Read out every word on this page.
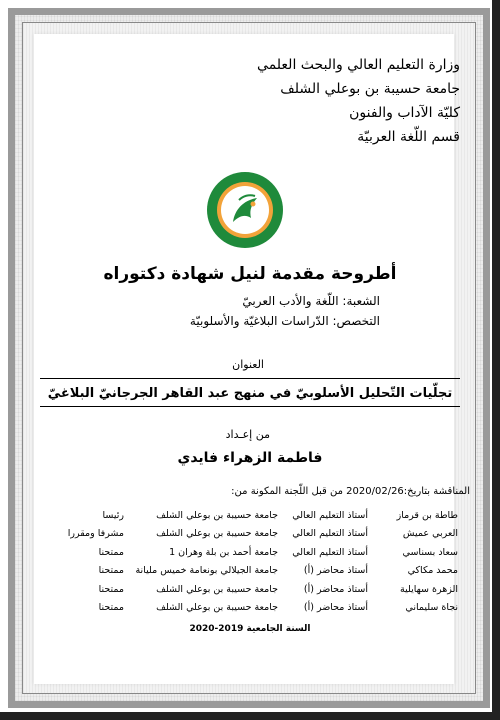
وزارة التعليم العالي والبحث العلمي
جامعة حسيبة بن بوعلي الشلف
كليّة الآداب والفنون
قسم اللّغة العربيّة
أطروحة مقدمة لنيل شهادة دكتوراه
الشعبة: اللّغة والأدب العربيّ
التخصص: الدّراسات البلاغيّة والأسلوبيّة
العنوان
تجلّيات التّحليل الأسلوبيّ في منهج عبد القاهر الجرجانيّ البلاغيّ
من إعـداد
فاطمة الزهراء فايدي
المناقشة بتاريخ:2020/02/26 من قبل اللّجنة المكونة من:
طاطة بن قرماز	أستاذ التعليم العالي	جامعة حسيبة بن بوعلي الشلف	رئيسا
العربي عميش	أستاذ التعليم العالي	جامعة حسيبة بن بوعلي الشلف	مشرفا ومقررا
سعاد بسناسي	أستاذ التعليم العالي	جامعة أحمد بن بلة وهران 1	ممتحنا
محمد مكاكي	أستاذ محاضر (أ)	جامعة الجيلالي بونعامة خميس مليانة	ممتحنا
الزهرة سهايلية	أستاذ محاضر (أ)	جامعة حسيبة بن بوعلي الشلف	ممتحنا
نجاة سليماني	أستاذ محاضر (أ)	جامعة حسيبة بن بوعلي الشلف	ممتحنا
السنة الجامعية 2019-2020
